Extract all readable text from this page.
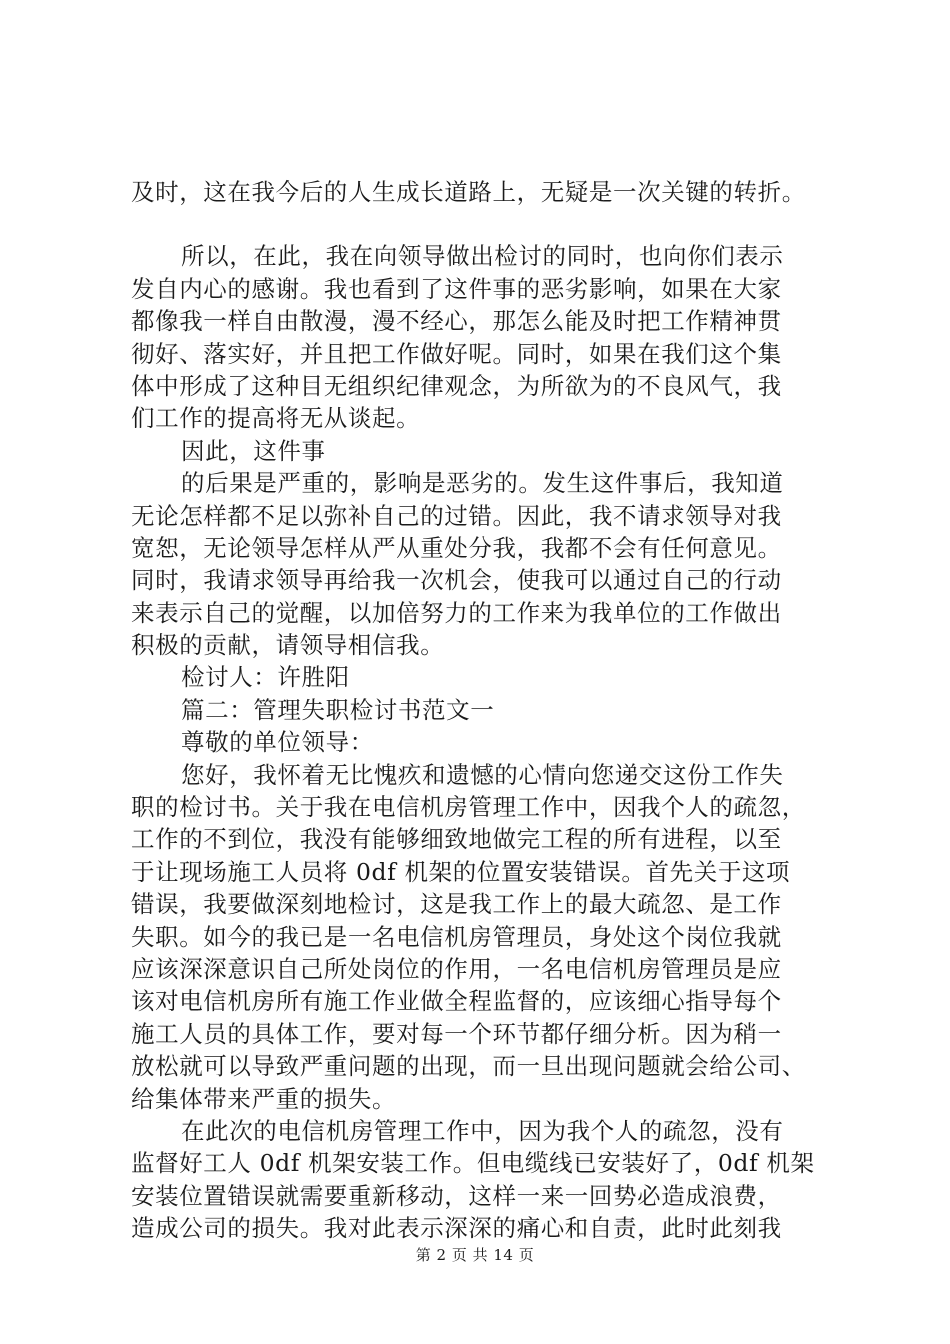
及时，这在我今后的人生成长道路上，无疑是一次关键的转折。
所以，在此，我在向领导做出检讨的同时，也向你们表示
发自内心的感谢。我也看到了这件事的恶劣影响，如果在大家
都像我一样自由散漫，漫不经心，那怎么能及时把工作精神贯
彻好、落实好，并且把工作做好呢。同时，如果在我们这个集
体中形成了这种目无组织纪律观念，为所欲为的不良风气，我
们工作的提高将无从谈起。
因此，这件事
的后果是严重的，影响是恶劣的。发生这件事后，我知道
无论怎样都不足以弥补自己的过错。因此，我不请求领导对我
宽恕，无论领导怎样从严从重处分我，我都不会有任何意见。
同时，我请求领导再给我一次机会，使我可以通过自己的行动
来表示自己的觉醒，以加倍努力的工作来为我单位的工作做出
积极的贡献，请领导相信我。
检讨人：许胜阳
篇二：管理失职检讨书范文一
尊敬的单位领导：
您好，我怀着无比愧疚和遗憾的心情向您递交这份工作失
职的检讨书。关于我在电信机房管理工作中，因我个人的疏忽，
工作的不到位，我没有能够细致地做完工程的所有进程，以至
于让现场施工人员将 0df 机架的位置安装错误。首先关于这项
错误，我要做深刻地检讨，这是我工作上的最大疏忽、是工作
失职。如今的我已是一名电信机房管理员，身处这个岗位我就
应该深深意识自己所处岗位的作用，一名电信机房管理员是应
该对电信机房所有施工作业做全程监督的，应该细心指导每个
施工人员的具体工作，要对每一个环节都仔细分析。因为稍一
放松就可以导致严重问题的出现，而一旦出现问题就会给公司、
给集体带来严重的损失。
在此次的电信机房管理工作中，因为我个人的疏忽，没有
监督好工人 0df 机架安装工作。但电缆线已安装好了，0df 机架
安装位置错误就需要重新移动，这样一来一回势必造成浪费，
造成公司的损失。我对此表示深深的痛心和自责，此时此刻我
第 2 页 共 14 页
